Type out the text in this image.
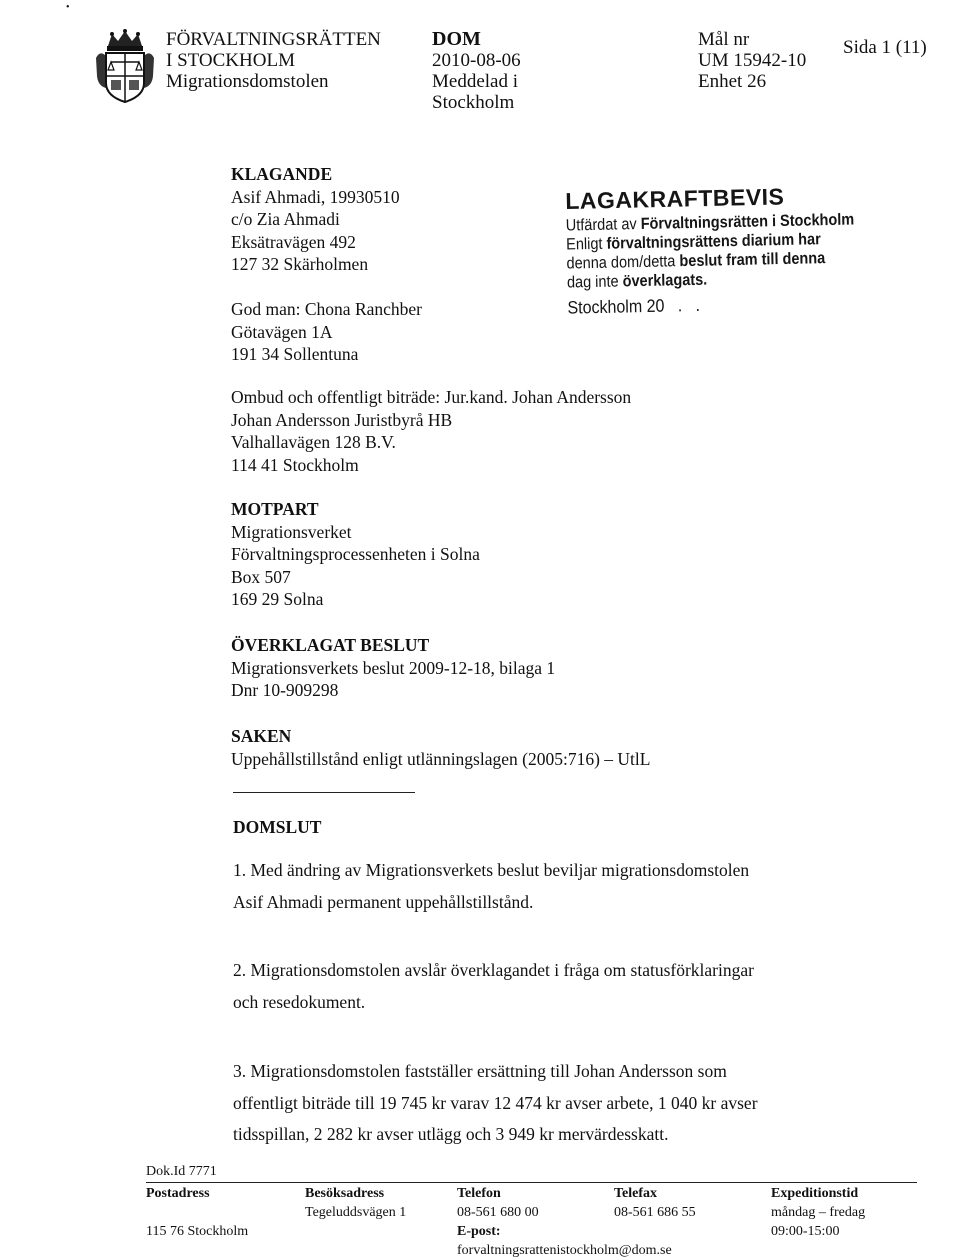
•
FÖRVALTNINGSRÄTTEN
I STOCKHOLM
Migrationsdomstolen
DOM
2010-08-06
Meddelad i
Stockholm
Mål nr
UM 15942-10
Enhet 26
Sida 1 (11)
KLAGANDE
Asif Ahmadi, 19930510
c/o Zia Ahmadi
Eksätravägen 492
127 32 Skärholmen
God man: Chona Ranchber
Götavägen 1A
191 34 Sollentuna
LAGAKRAFTBEVIS
Utfärdat av Förvaltningsrätten i Stockholm
Enligt förvaltningsrättens diarium har
denna dom/detta beslut fram till denna
dag inte överklagats.
Stockholm 20   .   .
Ombud och offentligt biträde: Jur.kand. Johan Andersson
Johan Andersson Juristbyrå HB
Valhallavägen 128 B.V.
114 41 Stockholm
MOTPART
Migrationsverket
Förvaltningsprocessenheten i Solna
Box 507
169 29 Solna
ÖVERKLAGAT BESLUT
Migrationsverkets beslut 2009-12-18, bilaga 1
Dnr 10-909298
SAKEN
Uppehållstillstånd enligt utlänningslagen (2005:716) – UtlL
DOMSLUT
1. Med ändring av Migrationsverkets beslut beviljar migrationsdomstolen
Asif Ahmadi permanent uppehållstillstånd.
2. Migrationsdomstolen avslår överklagandet i fråga om statusförklaringar
och resedokument.
3. Migrationsdomstolen fastställer ersättning till Johan Andersson som
offentligt biträde till 19 745 kr varav 12 474 kr avser arbete, 1 040 kr avser
tidsspillan, 2 282 kr avser utlägg och 3 949 kr mervärdesskatt.
Dok.Id 7771
Postadress
115 76 Stockholm
Besöksadress
Tegeluddsvägen 1
Telefon
08-561 680 00
E-post:
forvaltningsrattenistockholm@dom.se
Telefax
08-561 686 55
Expeditionstid
måndag – fredag
09:00-15:00
